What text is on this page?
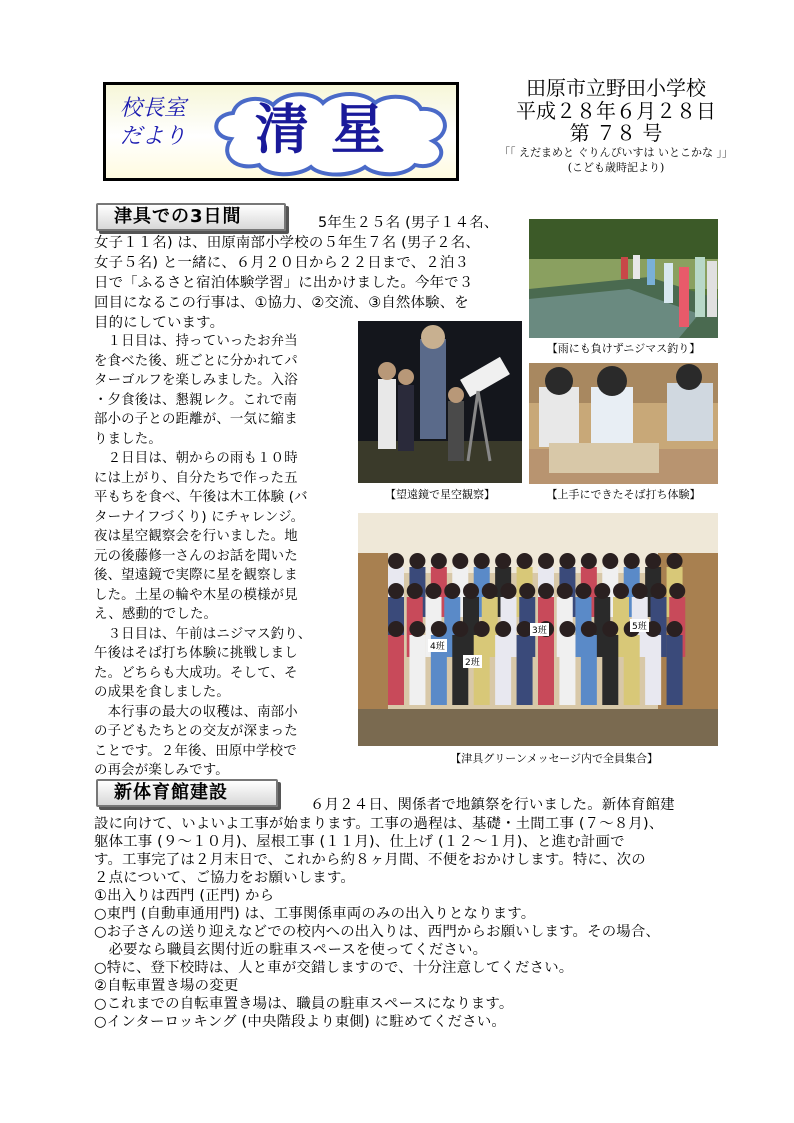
校長室
だより	清星
田原市立野田小学校
平成２８年６月２８日
第 ７８ 号
「「 えだまめと ぐりんぴいすは いとこかな 」」
(こども歳時記より)
津具での3日間	5年生２５名 (男子１４名、
女子１１名) は、田原南部小学校の５年生７名 (男子２名、
女子５名) と一緒に、６月２０日から２２日まで、２泊３
日で「ふるさと宿泊体験学習」に出かけました。今年で３
回目になるこの行事は、①協力、②交流、③自然体験、を
目的にしています。
　１日目は、持っていったお弁当
を食べた後、班ごとに分かれてパ
ターゴルフを楽しみました。入浴
・夕食後は、懇親レク。これで南
部小の子との距離が、一気に縮ま
りました。
　２日目は、朝からの雨も１０時
には上がり、自分たちで作った五
平もちを食べ、午後は木工体験 (バ
ターナイフづくり) にチャレンジ。
夜は星空観察会を行いました。地
元の後藤修一さんのお話を聞いた
後、望遠鏡で実際に星を観察しま
した。土星の輪や木星の模様が見
え、感動的でした。
　３日目は、午前はニジマス釣り、
午後はそば打ち体験に挑戦しまし
た。どちらも大成功。そして、そ
の成果を食しました。
　本行事の最大の収穫は、南部小
の子どもたちとの交友が深まった
ことです。２年後、田原中学校で
の再会が楽しみです。
【雨にも負けずニジマス釣り】
【望遠鏡で星空観察】	【上手にできたそば打ち体験】
4班
3班
2班
5班
【津具グリーンメッセージ内で全員集合】
新体育館建設
６月２４日、関係者で地鎮祭を行いました。新体育館建
設に向けて、いよいよ工事が始まります。工事の過程は、基礎・土間工事 (７～８月)、
躯体工事 (９～１０月)、屋根工事 (１１月)、仕上げ (１２～１月)、と進む計画で
す。工事完了は２月末日で、これから約８ヶ月間、不便をおかけします。特に、次の
２点について、ご協力をお願いします。
①出入りは西門 (正門) から
○東門 (自動車通用門) は、工事関係車両のみの出入りとなります。
○お子さんの送り迎えなどでの校内への出入りは、西門からお願いします。その場合、
　必要なら職員玄関付近の駐車スペースを使ってください。
○特に、登下校時は、人と車が交錯しますので、十分注意してください。
②自転車置き場の変更
○これまでの自転車置き場は、職員の駐車スペースになります。
○インターロッキング (中央階段より東側) に駐めてください。
